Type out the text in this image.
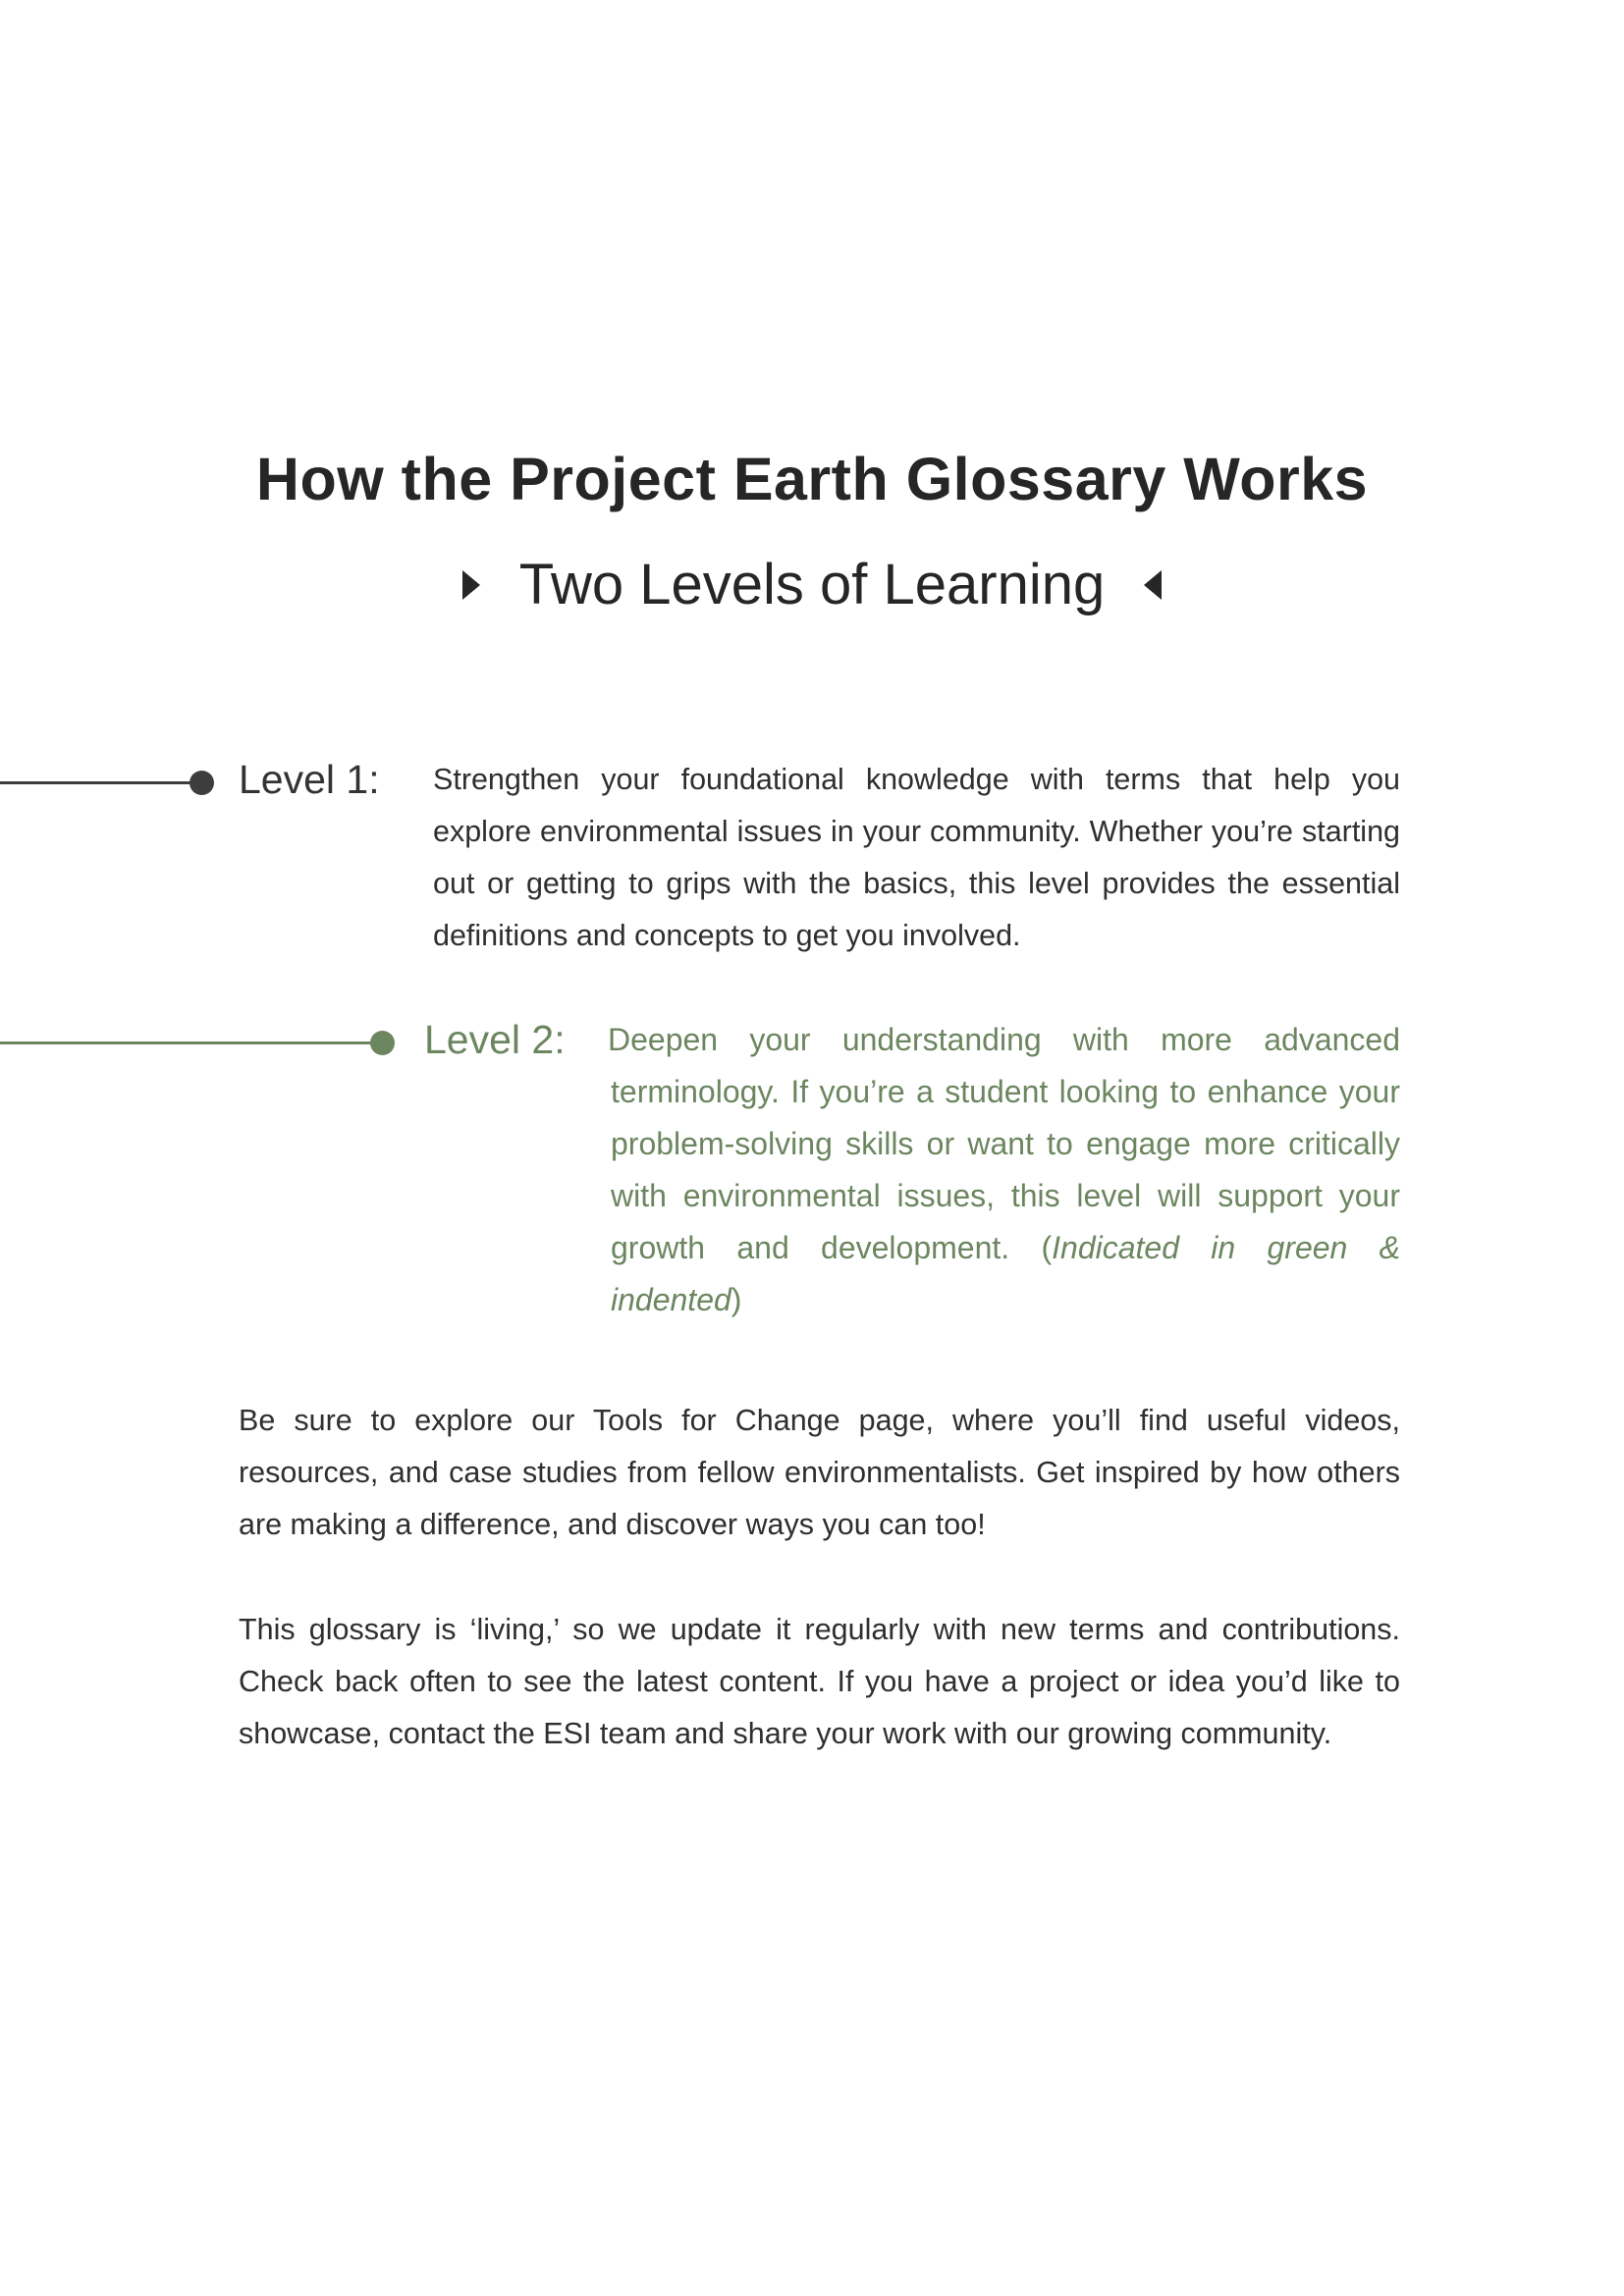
How the Project Earth Glossary Works
Two Levels of Learning
Level 1: Strengthen your foundational knowledge with terms that help you explore environmental issues in your community. Whether you’re starting out or getting to grips with the basics, this level provides the essential definitions and concepts to get you involved.

Level 2: Deepen your understanding with more advanced terminology. If you’re a student looking to enhance your problem-solving skills or want to engage more critically with environmental issues, this level will support your growth and development. (Indicated in green & indented)

Be sure to explore our Tools for Change page, where you’ll find useful videos, resources, and case studies from fellow environmentalists. Get inspired by how others are making a difference, and discover ways you can too!

This glossary is ‘living,’ so we update it regularly with new terms and contributions. Check back often to see the latest content. If you have a project or idea you’d like to showcase, contact the ESI team and share your work with our growing community.
